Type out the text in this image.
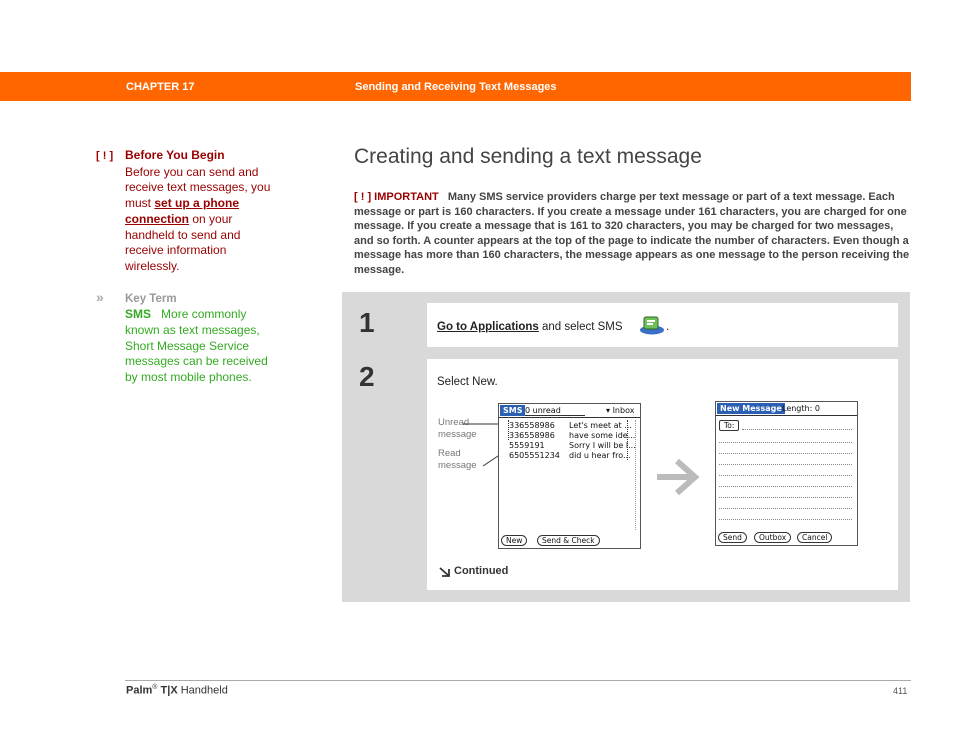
CHAPTER 17	Sending and Receiving Text Messages
[ ! ] Before You Begin
Before you can send and receive text messages, you must set up a phone connection on your handheld to send and receive information wirelessly.
» Key Term
SMS More commonly known as text messages, Short Message Service messages can be received by most mobile phones.
Creating and sending a text message
[ ! ] IMPORTANT Many SMS service providers charge per text message or part of a text message. Each message or part is 160 characters. If you create a message under 161 characters, you are charged for one message. If you create a message that is 161 to 320 characters, you may be charged for two messages, and so forth. A counter appears at the top of the page to indicate the number of characters. Even though a message has more than 160 characters, the message appears as one message to the person receiving the message.
1	Go to Applications and select SMS	.
2	Select New.
Unread message
Read message
SMS 0 unread	▾ Inbox
336558986 Let's meet at ...
336558986 have some ide...
5559191	Sorry I will be l...
6505551234 did u hear fro...
New	Send & Check
New Message Length: 0
To:
Send	Outbox	Cancel
Continued
Palm® T|X Handheld	411
